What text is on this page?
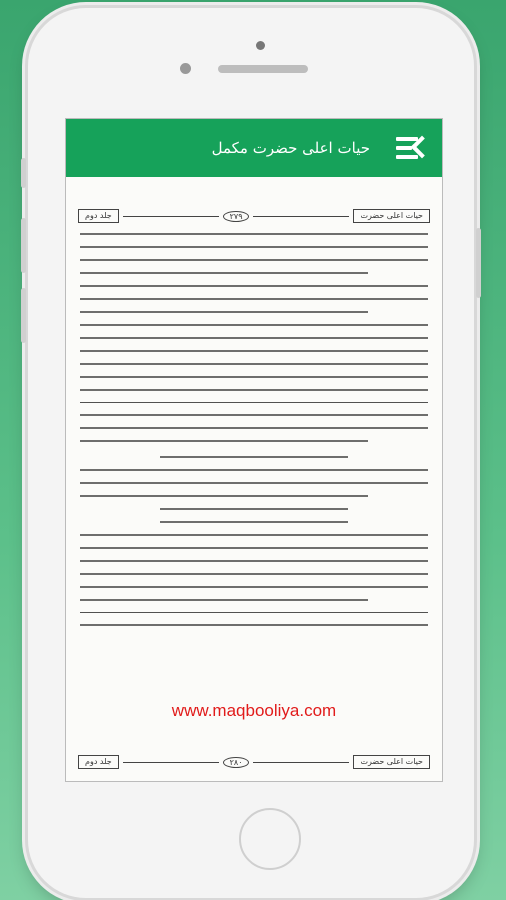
حیات اعلی حضرت مکمل
جلد دوم	۲۷۹	حیات اعلی حضرت
www.maqbooliya.com
جلد دوم	۲۸۰	حیات اعلی حضرت
